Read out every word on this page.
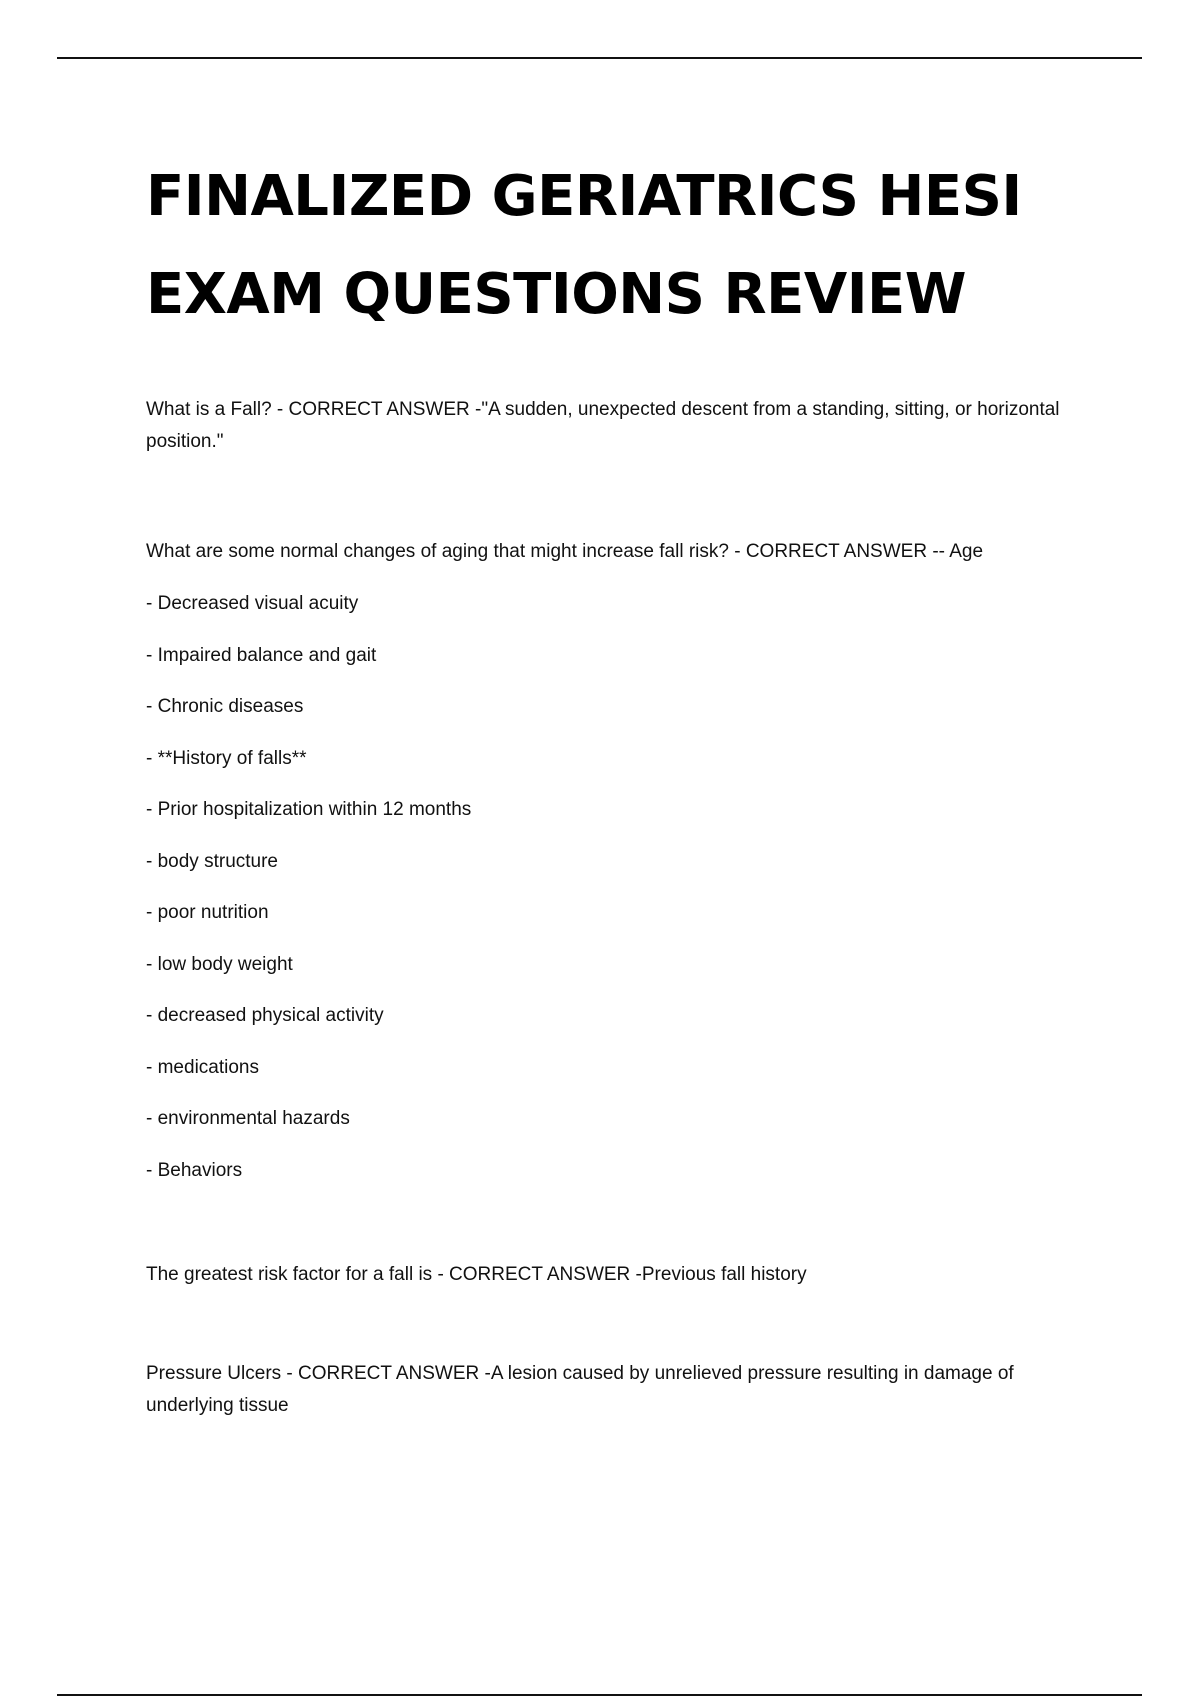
FINALIZED GERIATRICS HESI
EXAM QUESTIONS REVIEW

What is a Fall? - CORRECT ANSWER -"A sudden, unexpected descent from a standing, sitting, or horizontal position."

What are some normal changes of aging that might increase fall risk? - CORRECT ANSWER -- Age

- Decreased visual acuity
- Impaired balance and gait
- Chronic diseases
- **History of falls**
- Prior hospitalization within 12 months
- body structure
- poor nutrition
- low body weight
- decreased physical activity
- medications
- environmental hazards
- Behaviors

The greatest risk factor for a fall is - CORRECT ANSWER -Previous fall history

Pressure Ulcers - CORRECT ANSWER -A lesion caused by unrelieved pressure resulting in damage of underlying tissue
